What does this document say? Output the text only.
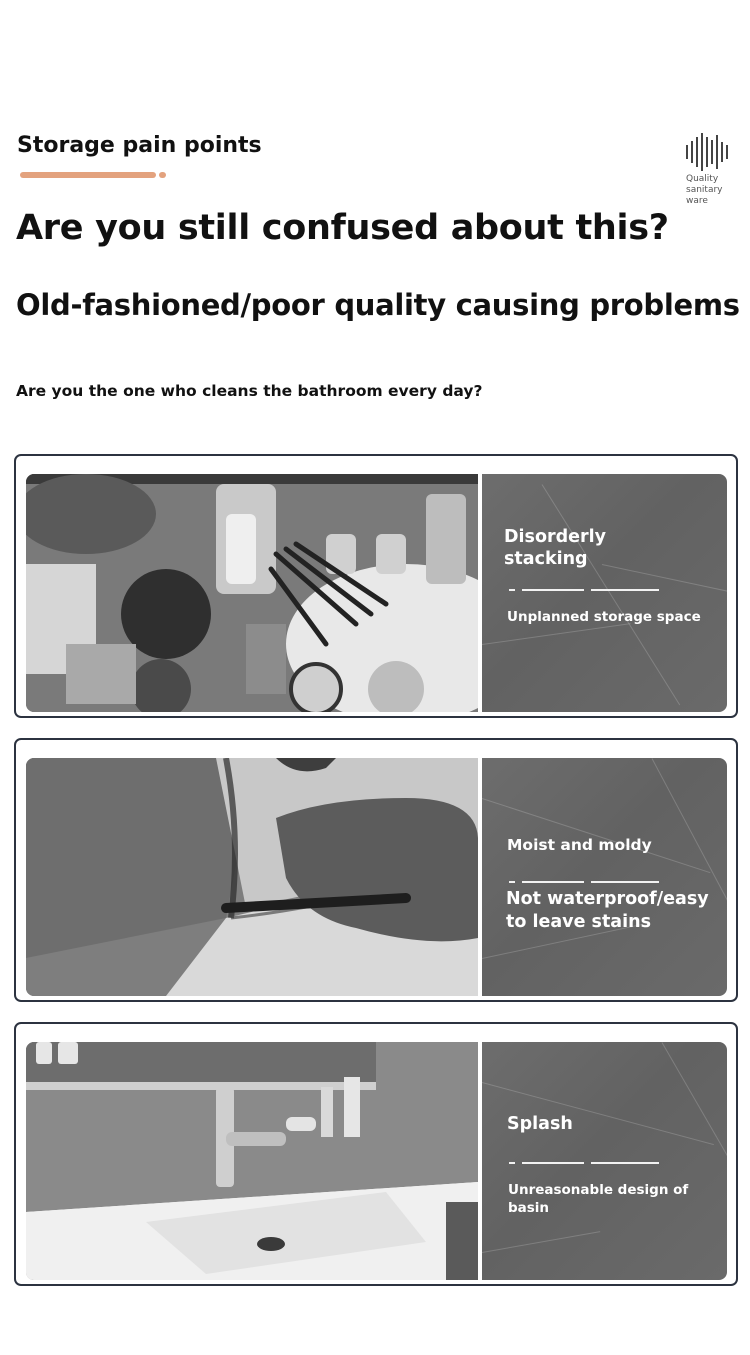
Storage pain points
Quality
sanitary
ware
Are you still confused about this?
Old-fashioned/poor quality causing problems
Are you the one who cleans the bathroom every day?
Disorderly
stacking
Unplanned storage space
Moist and moldy
Not waterproof/easy
to leave stains
Splash
Unreasonable design of basin
